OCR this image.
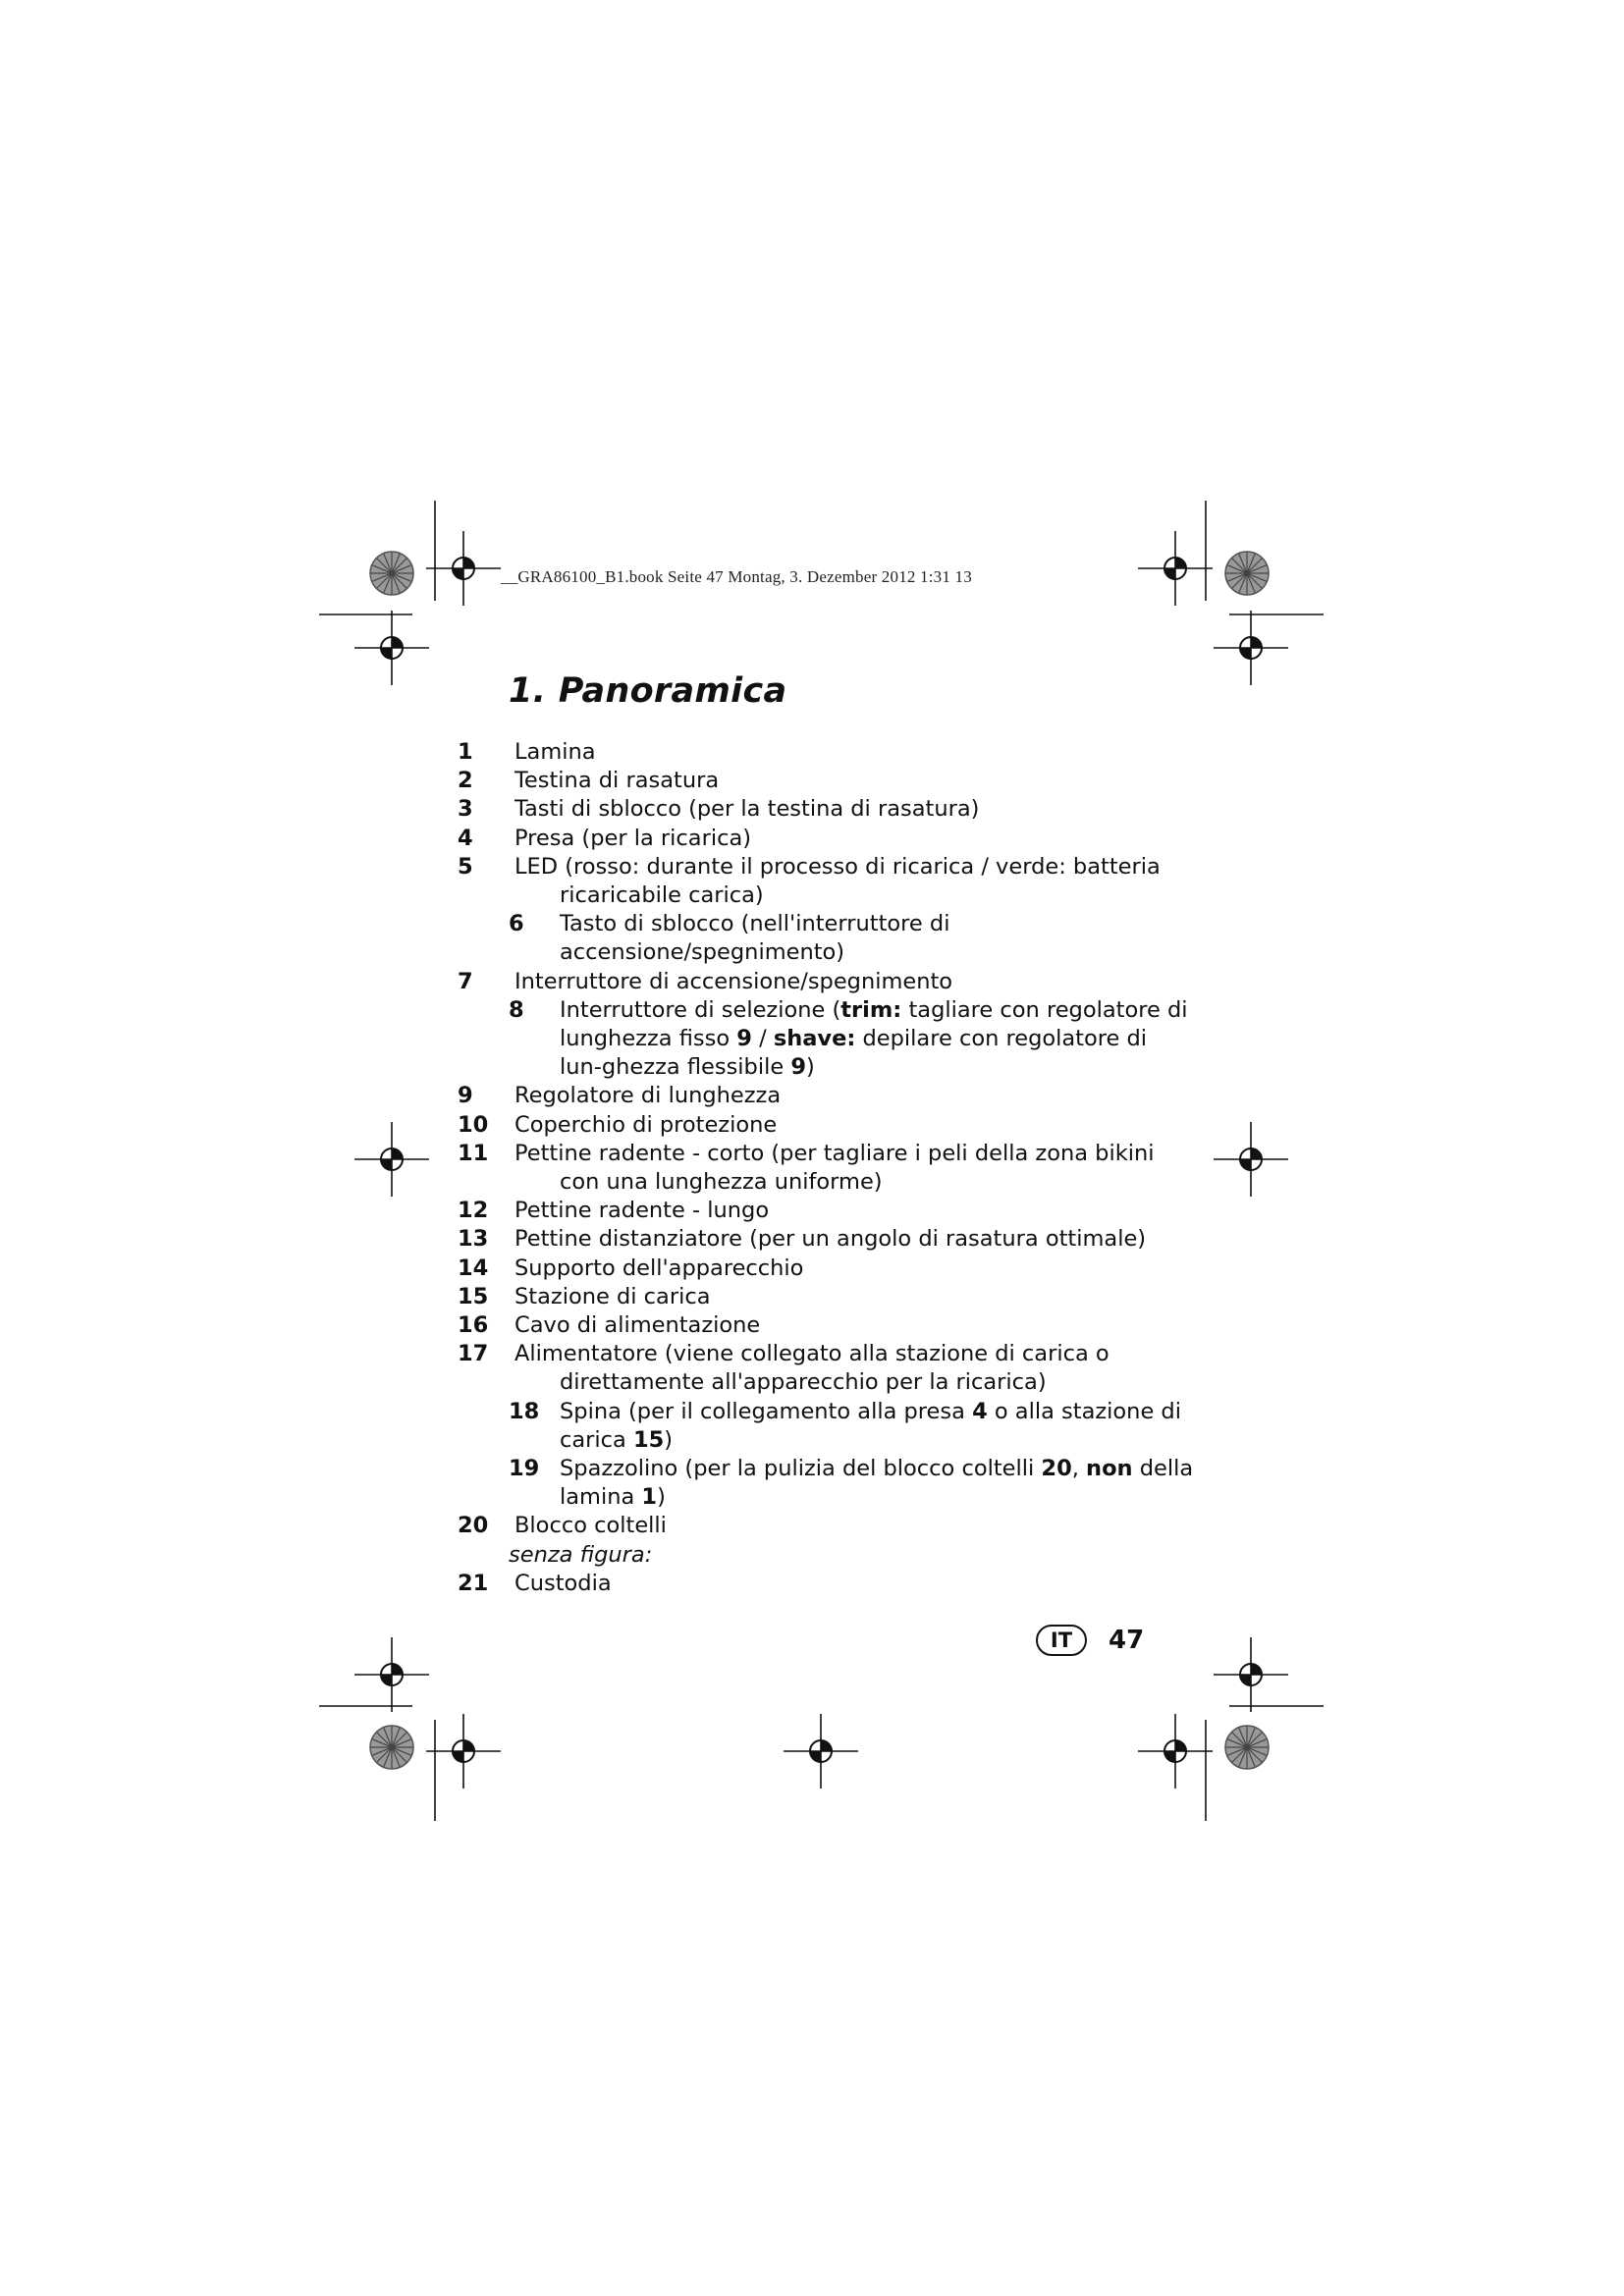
__GRA86100_B1.book Seite 47 Montag, 3. Dezember 2012 1:31 13
1. Panoramica
1 Lamina
2 Testina di rasatura
3 Tasti di sblocco (per la testina di rasatura)
4 Presa (per la ricarica)
5 LED (rosso: durante il processo di ricarica / verde: batteria
ricaricabile carica)
6 Tasto di sblocco (nell'interruttore di accensione/spegnimento)
7 Interruttore di accensione/spegnimento
8 Interruttore di selezione (trim: tagliare con regolatore di lunghezza fisso 9 / shave: depilare con regolatore di lun-ghezza flessibile 9)
9 Regolatore di lunghezza
10 Coperchio di protezione
11 Pettine radente - corto (per tagliare i peli della zona bikini
con una lunghezza uniforme)
12 Pettine radente - lungo
13 Pettine distanziatore (per un angolo di rasatura ottimale)
14 Supporto dell'apparecchio
15 Stazione di carica
16 Cavo di alimentazione
17 Alimentatore (viene collegato alla stazione di carica o
direttamente all'apparecchio per la ricarica)
18 Spina (per il collegamento alla presa 4 o alla stazione di carica 15)
19 Spazzolino (per la pulizia del blocco coltelli 20, non della lamina 1)
20 Blocco coltelli
senza figura:
21 Custodia
IT	47
